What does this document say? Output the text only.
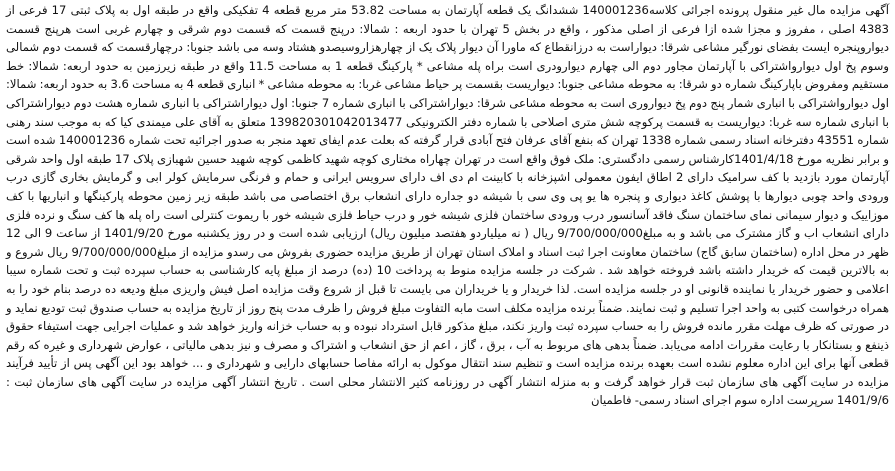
آگهی مزایده مال غیر منقول پرونده اجرائی کلاسه140001236 ششدانگ یک قطعه آپارتمان به مساحت 53.82 متر مربع قطعه 4 تفکیکی واقع در طبقه اول به پلاک ثبتی 17 فرعی از 4383 اصلی ، مفروز و مجزا شده ازا فرعی از اصلی مذکور ، واقع در بخش 5 تهران با حدود اربعه : شمالا: درپنج قسمت که قسمت دوم شرقی و چهارم غربی است هرپنج قسمت دیواروپنجره ایست بفضای نورگیر مشاعی شرقا: دیواراست به درزانقطاع که ماورا آن دیوار پلاک یک از چهارهزاروسیصدو هشتاد وسه می باشد جنوبا: درچهارقسمت که قسمت دوم شمالی وسوم پخ اول دیوارواشتراکی با آپارتمان مجاور دوم الی چهارم دیوارودری است براه پله مشاعی * پارکینگ قطعه 1 به مساحت 11.5 واقع در طبقه زیرزمین به حدود اربعه: شمالا: خط مستقیم ومفروض باپارکینگ شماره دو شرقا: به محوطه مشاعی جنوبا: دیواریست بقسمت پر حیاط مشاعی غربا: به محوطه مشاعی * انباری قطعه 4 به مساحت 3.6 به حدود اربعه: شمالا: اول دیوارواشتراکی با انباری شمار پنج دوم پخ دیواروری است به محوطه مشاعی شرقا: دیواراشتراکی با انباری شماره 7 جنوبا: اول دیواراشتراکی با انباری شماره هشت دوم دیواراشتراکی با انباری شماره سه غربا: دیواریست به قسمت پرکوچه شش متری اصلاحی با شماره دفتر الکترونیکی 139820301042013477 متعلق به آقای علی میمندی کیا که به موجب سند رهنی شماره 43551 دفترخانه اسناد رسمی شماره 1338 تهران که بنفع آقای عرفان فتح آبادی قرار گرفته که بعلت عدم ایفای تعهد منجر به صدور اجرائیه تحت شماره 140001236 شده است و برابر نظریه مورخ 1401/4/18کارشناس رسمی دادگستری: ملک فوق واقع است در تهران چهاراه مختاری کوچه شهید کاظمی کوچه شهید حسین شهبازی پلاک 17 طبقه اول واحد شرقی آپارتمان مورد بازدید با کف سرامیک دارای 2 اطاق ایفون معمولی اشپزخانه با کابینت ام دی اف دارای سرویس ایرانی و حمام و فرنگی سرمایش کولر ابی و گرمایش بخاری گازی درب ورودی واحد چوبی دیوارها با پوشش کاغذ دیواری و پنجره ها یو پی وی سی با شیشه دو جداره دارای انشعاب برق اختصاصی می باشد طبقه زیر زمین محوطه پارکینگها و انباریها با کف موزاییک و دیوار سیمانی نمای ساختمان سنگ فاقد آسانسور درب ورودی ساختمان فلزی شیشه خور و درب حیاط فلزی شیشه خور با ریموت کنترلی است راه پله ها کف سنگ و نرده فلزی دارای انشعاب اب و گاز مشترک می باشد و به مبلغ9/700/000/000 ریال ( نه میلیاردو هفتصد میلیون ریال) ارزیابی شده است و در روز یکشنبه مورخ 1401/9/20 از ساعت 9 الی 12 ظهر در محل اداره (ساختمان سابق گاج) ساختمان معاونت اجرا ثبت اسناد و املاک استان تهران از طریق مزایده حضوری بفروش می رسدو مزایده از مبلغ9/700/000/000 ریال شروع و به بالاترین قیمت که خریدار داشته باشد فروخته خواهد شد . شرکت در جلسه مزایده منوط به پرداخت 10 (ده) درصد از مبلغ پایه کارشناسی به حساب سپرده ثبت و تحت شماره سیبا اعلامی و حضور خریدار یا نماینده قانونی او در جلسه مزایده است. لذا خریدار و یا خریداران می بایست تا قبل از شروع وقت مزایده اصل فیش واریزی مبلغ ودیعه ده درصد بنام خود را به همراه درخواست کتبی به واحد اجرا تسلیم و ثبت نمایند. ضمناً برنده مزایده مکلف است مابه التفاوت مبلغ فروش را ظرف مدت پنج روز از تاریخ مزایده به حساب صندوق ثبت تودیع نماید و در صورتی که ظرف مهلت مقرر مانده فروش را به حساب سپرده ثبت واریز نکند، مبلغ مذکور قابل استرداد نبوده و به حساب خزانه واریز خواهد شد و عملیات اجرایی جهت استیفاء حقوق ذینفع و بستانکار با رعایت مقررات ادامه می‌یابد. ضمناً بدهی های مربوط به آب ، برق ، گاز ، اعم از حق انشعاب و اشتراک و مصرف و نیز بدهی مالیاتی ، عوارض شهرداری و غیره که رقم قطعی آنها برای این اداره معلوم نشده است بعهده برنده مزایده است و تنظیم سند انتقال موکول به ارائه مفاصا حسابهای دارایی و شهرداری و ... خواهد بود این آگهی پس از تأیید فرآیند مزایده در سایت آگهی های سازمان ثبت قرار خواهد گرفت و به منزله انتشار آگهی در روزنامه کثیر الانتشار محلی است . تاریخ انتشار آگهی مزایده در سایت آگهی های سازمان ثبت : 1401/9/6 سرپرست اداره سوم اجرای اسناد رسمی- فاطمیان
